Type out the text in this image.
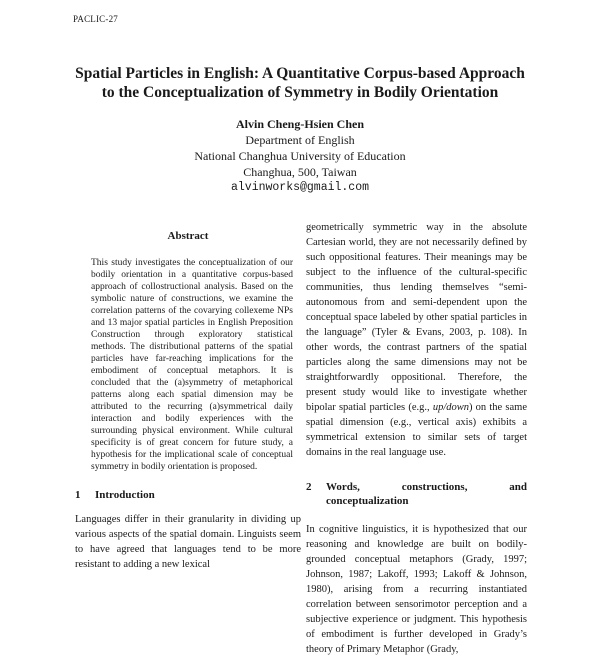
PACLIC-27
Spatial Particles in English: A Quantitative Corpus-based Approach
to the Conceptualization of Symmetry in Bodily Orientation
Alvin Cheng-Hsien Chen
Department of English
National Changhua University of Education
Changhua, 500, Taiwan
alvinworks@gmail.com
Abstract

This study investigates the conceptualization of our bodily orientation in a quantitative corpus-based approach of collostructional analysis. Based on the symbolic nature of constructions, we examine the correlation patterns of the covarying collexeme NPs and 13 major spatial particles in English Preposition Construction through exploratory statistical methods. The distributional patterns of the spatial particles have far-reaching implications for the embodiment of conceptual metaphors. It is concluded that the (a)symmetry of metaphorical patterns along each spatial dimension may be attributed to the recurring (a)symmetrical daily interaction and bodily experiences with the surrounding physical environment. While cultural specificity is of great concern for future study, a hypothesis for the implicational scale of conceptual symmetry in bodily orientation is proposed.

1	Introduction

Languages differ in their granularity in dividing up various aspects of the spatial domain. Linguists seem to have agreed that languages tend to be more resistant to adding a new lexical

geometrically symmetric way in the absolute Cartesian world, they are not necessarily defined by such oppositional features. Their meanings may be subject to the influence of the cultural-specific communities, thus lending themselves “semi-autonomous from and semi-dependent upon the conceptual space labeled by other spatial particles in the language” (Tyler & Evans, 2003, p. 108). In other words, the contrast partners of the spatial particles along the same dimensions may not be straightforwardly oppositional. Therefore, the present study would like to investigate whether bipolar spatial particles (e.g., up/down) on the same spatial dimension (e.g., vertical axis) exhibits a symmetrical extension to similar sets of target domains in the real language use.

2	Words, constructions, and
conceptualization

In cognitive linguistics, it is hypothesized that our reasoning and knowledge are built on bodily-grounded conceptual metaphors (Grady, 1997; Johnson, 1987; Lakoff, 1993; Lakoff & Johnson, 1980), arising from a recurring instantiated correlation between sensorimotor perception and a subjective experience or judgment. This hypothesis of embodiment is further developed in Grady’s theory of Primary Metaphor (Grady,
